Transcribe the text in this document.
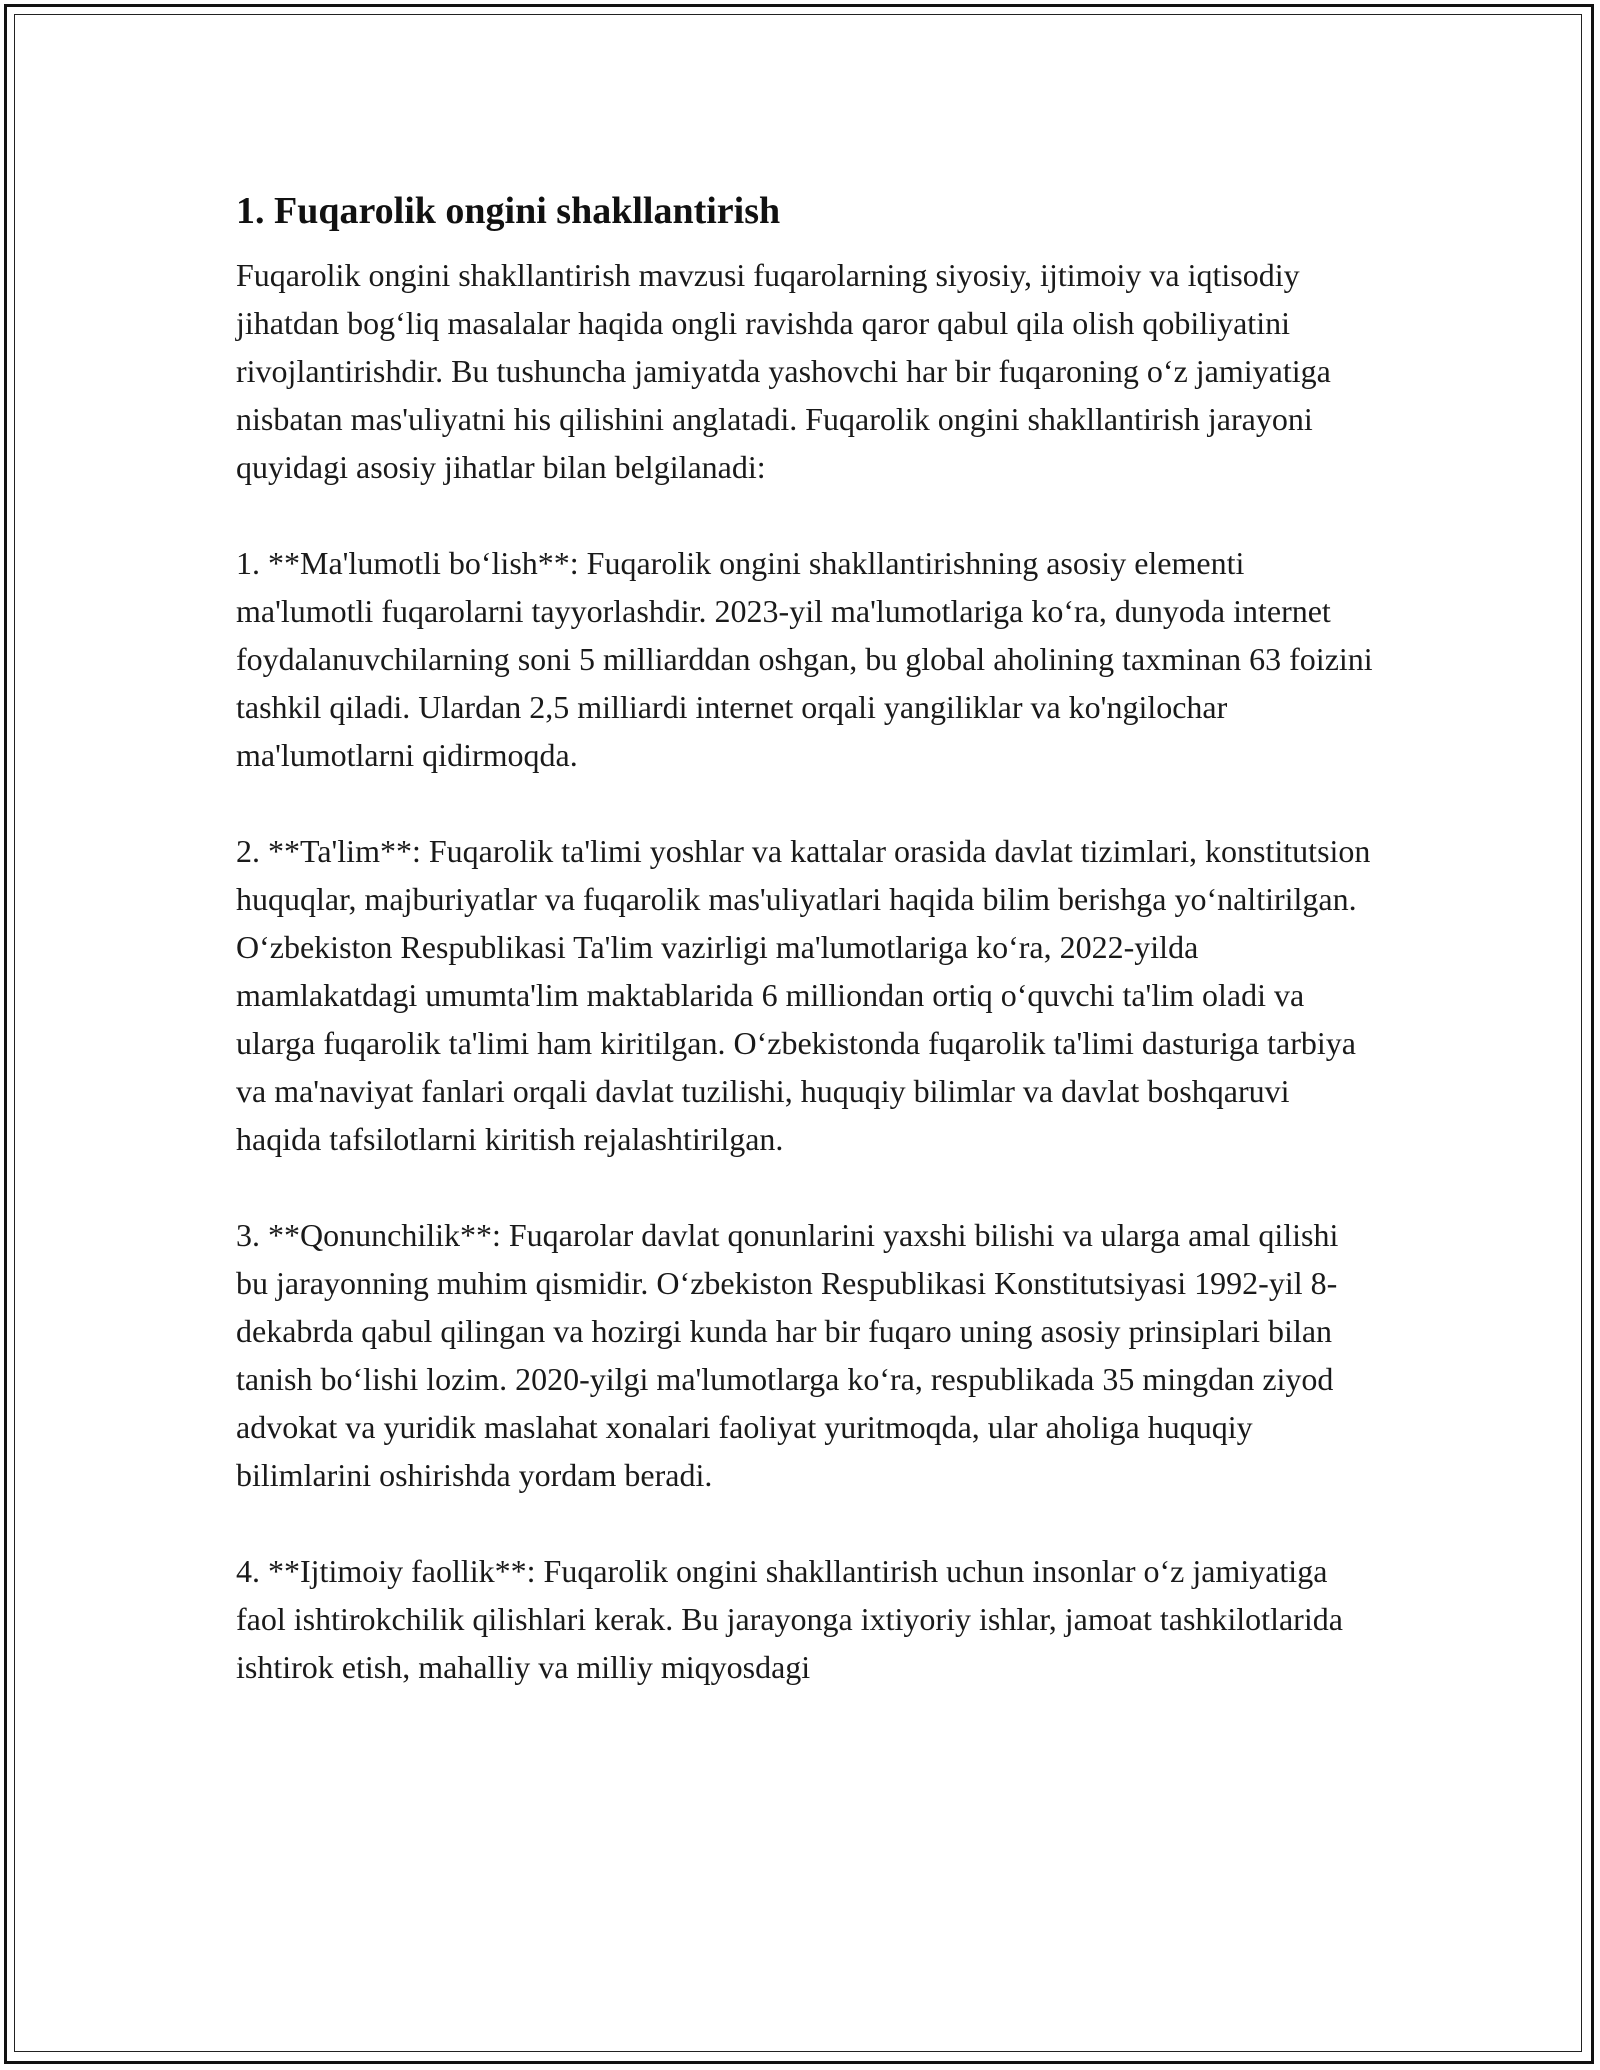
1. Fuqarolik ongini shakllantirish

Fuqarolik ongini shakllantirish mavzusi fuqarolarning siyosiy, ijtimoiy va iqtisodiy jihatdan bog‘liq masalalar haqida ongli ravishda qaror qabul qila olish qobiliyatini rivojlantirishdir. Bu tushuncha jamiyatda yashovchi har bir fuqaroning o‘z jamiyatiga nisbatan mas'uliyatni his qilishini anglatadi. Fuqarolik ongini shakllantirish jarayoni quyidagi asosiy jihatlar bilan belgilanadi:

1. **Ma'lumotli bo‘lish**: Fuqarolik ongini shakllantirishning asosiy elementi ma'lumotli fuqarolarni tayyorlashdir. 2023-yil ma'lumotlariga ko‘ra, dunyoda internet foydalanuvchilarning soni 5 milliarddan oshgan, bu global aholining taxminan 63 foizini tashkil qiladi. Ulardan 2,5 milliardi internet orqali yangiliklar va ko'ngilochar ma'lumotlarni qidirmoqda.

2. **Ta'lim**: Fuqarolik ta'limi yoshlar va kattalar orasida davlat tizimlari, konstitutsion huquqlar, majburiyatlar va fuqarolik mas'uliyatlari haqida bilim berishga yo‘naltirilgan. O‘zbekiston Respublikasi Ta'lim vazirligi ma'lumotlariga ko‘ra, 2022-yilda mamlakatdagi umumta'lim maktablarida 6 milliondan ortiq o‘quvchi ta'lim oladi va ularga fuqarolik ta'limi ham kiritilgan. O‘zbekistonda fuqarolik ta'limi dasturiga tarbiya va ma'naviyat fanlari orqali davlat tuzilishi, huquqiy bilimlar va davlat boshqaruvi haqida tafsilotlarni kiritish rejalashtirilgan.

3. **Qonunchilik**: Fuqarolar davlat qonunlarini yaxshi bilishi va ularga amal qilishi bu jarayonning muhim qismidir. O‘zbekiston Respublikasi Konstitutsiyasi 1992-yil 8-dekabrda qabul qilingan va hozirgi kunda har bir fuqaro uning asosiy prinsiplari bilan tanish bo‘lishi lozim. 2020-yilgi ma'lumotlarga ko‘ra, respublikada 35 mingdan ziyod advokat va yuridik maslahat xonalari faoliyat yuritmoqda, ular aholiga huquqiy bilimlarini oshirishda yordam beradi.

4. **Ijtimoiy faollik**: Fuqarolik ongini shakllantirish uchun insonlar o‘z jamiyatiga faol ishtirokchilik qilishlari kerak. Bu jarayonga ixtiyoriy ishlar, jamoat tashkilotlarida ishtirok etish, mahalliy va milliy miqyosdagi
